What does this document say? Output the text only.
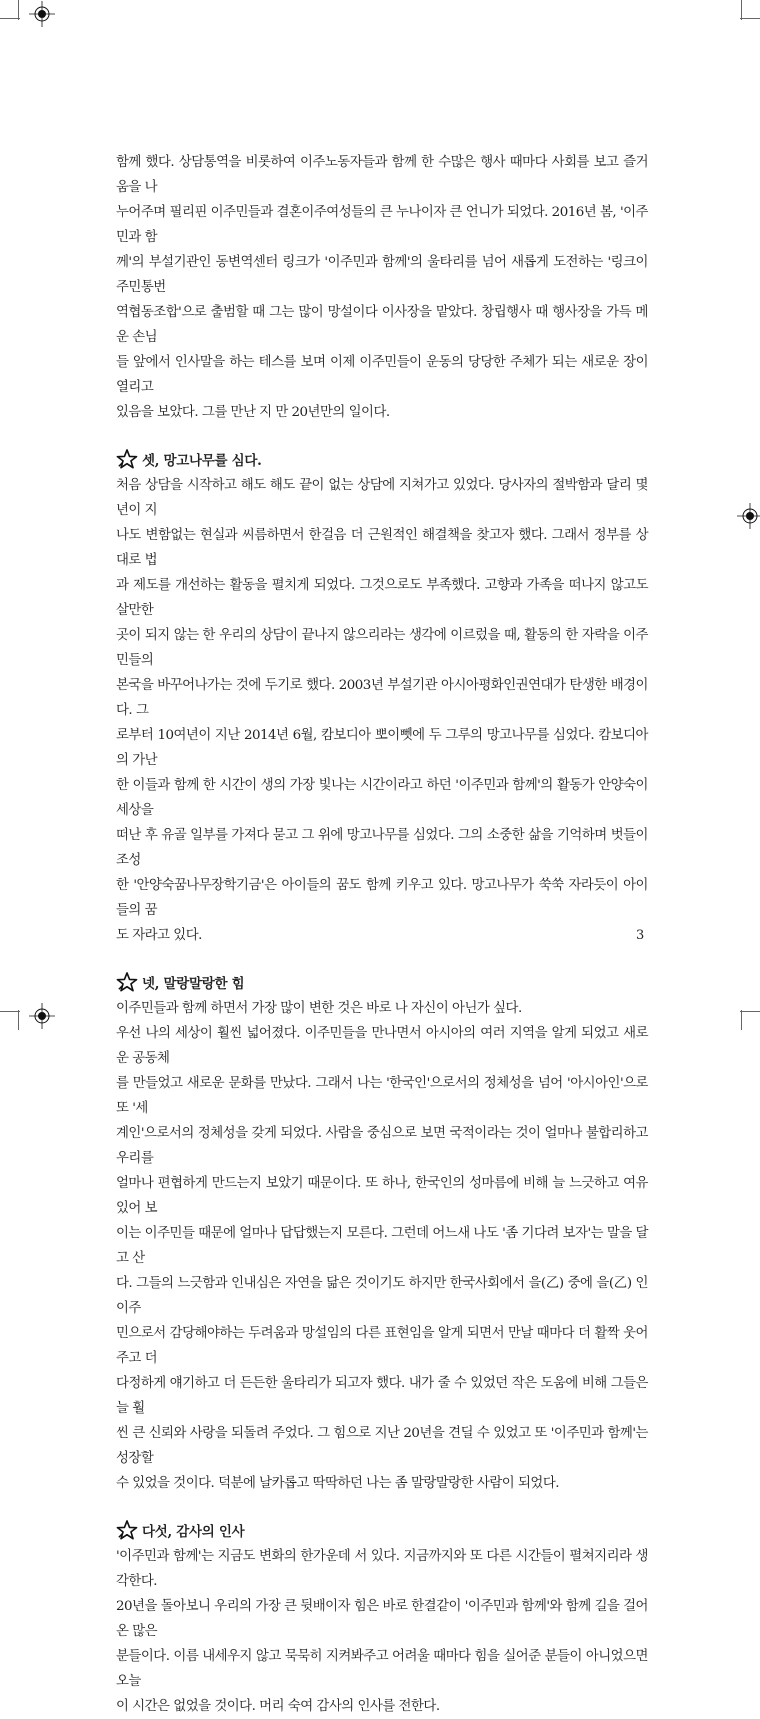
함께 했다. 상담통역을 비롯하여 이주노동자들과 함께 한 수많은 행사 때마다 사회를 보고 즐거움을 나
누어주며 필리핀 이주민들과 결혼이주여성들의 큰 누나이자 큰 언니가 되었다. 2016년 봄, '이주민과 함
께'의 부설기관인 동변역센터 링크가 '이주민과 함께'의 울타리를 넘어 새롭게 도전하는 '링크이주민통번
역협동조합'으로 출범할 때 그는 많이 망설이다 이사장을 맡았다. 창립행사 때 행사장을 가득 메운 손님
들 앞에서 인사말을 하는 테스를 보며 이제 이주민들이 운동의 당당한 주체가 되는 새로운 장이 열리고
있음을 보았다. 그를 만난 지 만 20년만의 일이다.
셋, 망고나무를 심다.
처음 상담을 시작하고 해도 해도 끝이 없는 상담에 지쳐가고 있었다. 당사자의 절박함과 달리 몇 년이 지
나도 변함없는 현실과 씨름하면서 한걸음 더 근원적인 해결책을 찾고자 했다. 그래서 정부를 상대로 법
과 제도를 개선하는 활동을 펼치게 되었다. 그것으로도 부족했다. 고향과 가족을 떠나지 않고도 살만한
곳이 되지 않는 한 우리의 상담이 끝나지 않으리라는 생각에 이르렀을 때, 활동의 한 자락을 이주민들의
본국을 바꾸어나가는 것에 두기로 했다. 2003년 부설기관 아시아평화인권연대가 탄생한 배경이다. 그
로부터 10여년이 지난 2014년 6월, 캄보디아 뽀이뻿에 두 그루의 망고나무를 심었다. 캄보디아의 가난
한 이들과 함께 한 시간이 생의 가장 빛나는 시간이라고 하던 '이주민과 함께'의 활동가 안양숙이 세상을
떠난 후 유골 일부를 가져다 묻고 그 위에 망고나무를 심었다. 그의 소중한 삶을 기억하며 벗들이 조성
한 '안양숙꿈나무장학기금'은 아이들의 꿈도 함께 키우고 있다. 망고나무가 쑥쑥 자라듯이 아이들의 꿈
도 자라고 있다.
넷, 말랑말랑한 힘
이주민들과 함께 하면서 가장 많이 변한 것은 바로 나 자신이 아닌가 싶다.
우선 나의 세상이 훨씬 넓어졌다. 이주민들을 만나면서 아시아의 여러 지역을 알게 되었고 새로운 공동체
를 만들었고 새로운 문화를 만났다. 그래서 나는 '한국인'으로서의 정체성을 넘어 '아시아인'으로 또 '세
계인'으로서의 정체성을 갖게 되었다. 사람을 중심으로 보면 국적이라는 것이 얼마나 불합리하고 우리를
얼마나 편협하게 만드는지 보았기 때문이다. 또 하나, 한국인의 성마름에 비해 늘 느긋하고 여유 있어 보
이는 이주민들 때문에 얼마나 답답했는지 모른다. 그런데 어느새 나도 '좀 기다려 보자'는 말을 달고 산
다. 그들의 느긋함과 인내심은 자연을 닮은 것이기도 하지만 한국사회에서 을(乙) 중에 을(乙) 인 이주
민으로서 감당해야하는 두려움과 망설임의 다른 표현임을 알게 되면서 만날 때마다 더 활짝 웃어주고 더
다정하게 얘기하고 더 든든한 울타리가 되고자 했다. 내가 줄 수 있었던 작은 도움에 비해 그들은 늘 훨
씬 큰 신뢰와 사랑을 되돌려 주었다. 그 힘으로 지난 20년을 견딜 수 있었고 또 '이주민과 함께'는 성장할
수 있었을 것이다. 덕분에 날카롭고 딱딱하던 나는 좀 말랑말랑한 사람이 되었다.
다섯, 감사의 인사
'이주민과 함께'는 지금도 변화의 한가운데 서 있다. 지금까지와 또 다른 시간들이 펼쳐지리라 생각한다.
20년을 돌아보니 우리의 가장 큰 뒷배이자 힘은 바로 한결같이 '이주민과 함께'와 함께 길을 걸어온 많은
분들이다. 이름 내세우지 않고 묵묵히 지켜봐주고 어려울 때마다 힘을 실어준 분들이 아니었으면 오늘
이 시간은 없었을 것이다. 머리 숙여 감사의 인사를 전한다.
3
